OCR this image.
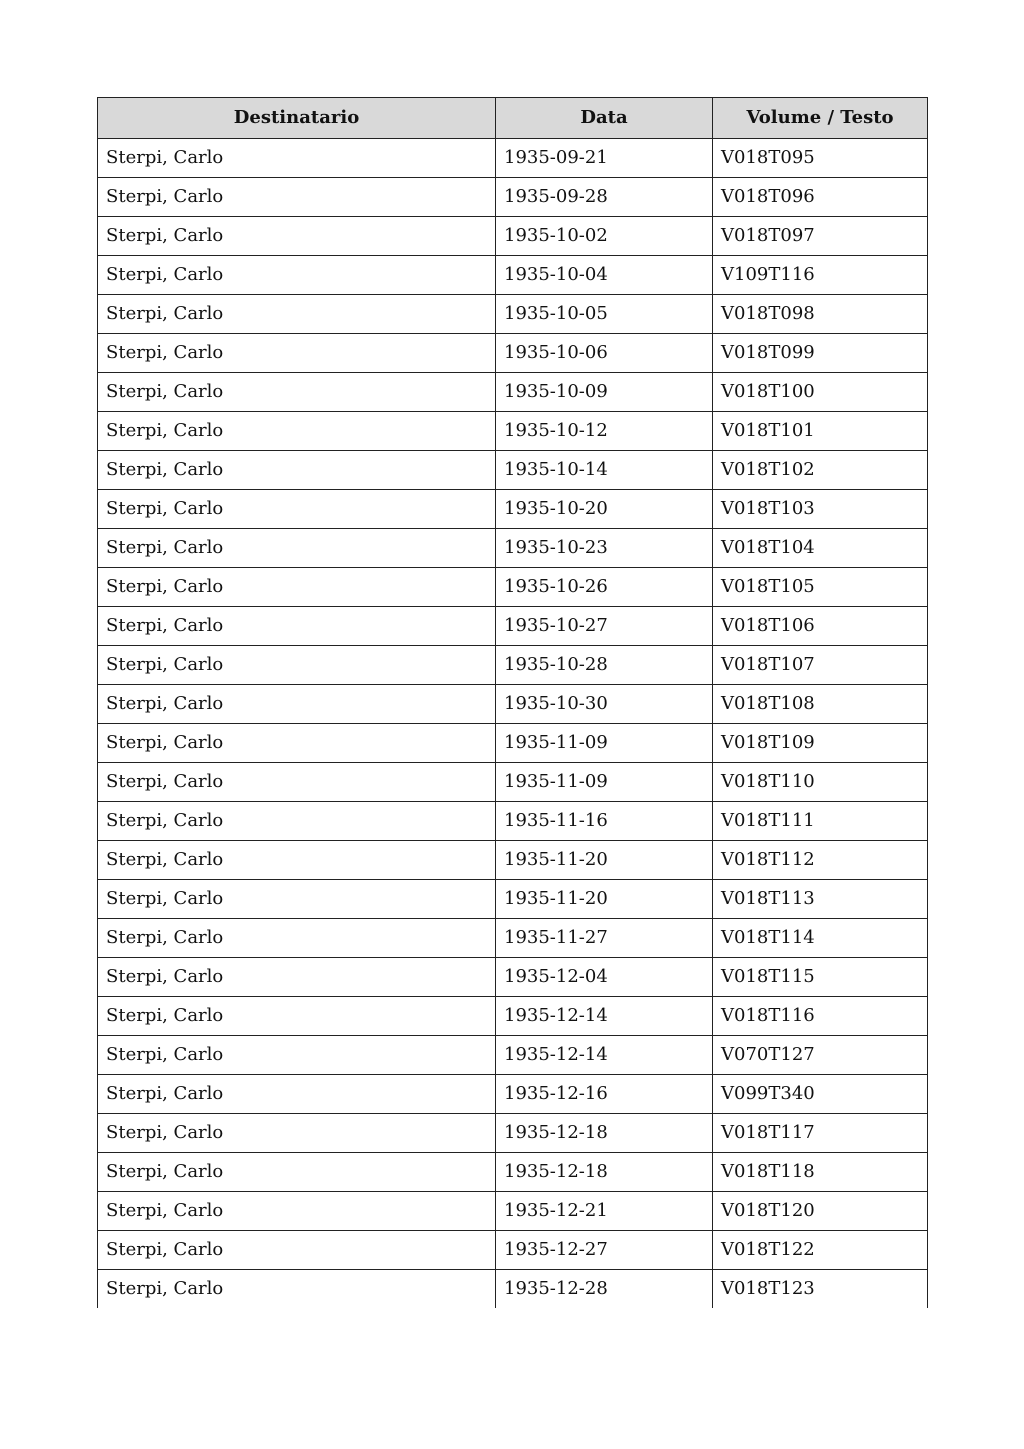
Destinatario	Data	Volume / Testo
Sterpi, Carlo	1935-09-21	V018T095
Sterpi, Carlo	1935-09-28	V018T096
Sterpi, Carlo	1935-10-02	V018T097
Sterpi, Carlo	1935-10-04	V109T116
Sterpi, Carlo	1935-10-05	V018T098
Sterpi, Carlo	1935-10-06	V018T099
Sterpi, Carlo	1935-10-09	V018T100
Sterpi, Carlo	1935-10-12	V018T101
Sterpi, Carlo	1935-10-14	V018T102
Sterpi, Carlo	1935-10-20	V018T103
Sterpi, Carlo	1935-10-23	V018T104
Sterpi, Carlo	1935-10-26	V018T105
Sterpi, Carlo	1935-10-27	V018T106
Sterpi, Carlo	1935-10-28	V018T107
Sterpi, Carlo	1935-10-30	V018T108
Sterpi, Carlo	1935-11-09	V018T109
Sterpi, Carlo	1935-11-09	V018T110
Sterpi, Carlo	1935-11-16	V018T111
Sterpi, Carlo	1935-11-20	V018T112
Sterpi, Carlo	1935-11-20	V018T113
Sterpi, Carlo	1935-11-27	V018T114
Sterpi, Carlo	1935-12-04	V018T115
Sterpi, Carlo	1935-12-14	V018T116
Sterpi, Carlo	1935-12-14	V070T127
Sterpi, Carlo	1935-12-16	V099T340
Sterpi, Carlo	1935-12-18	V018T117
Sterpi, Carlo	1935-12-18	V018T118
Sterpi, Carlo	1935-12-21	V018T120
Sterpi, Carlo	1935-12-27	V018T122
Sterpi, Carlo	1935-12-28	V018T123
